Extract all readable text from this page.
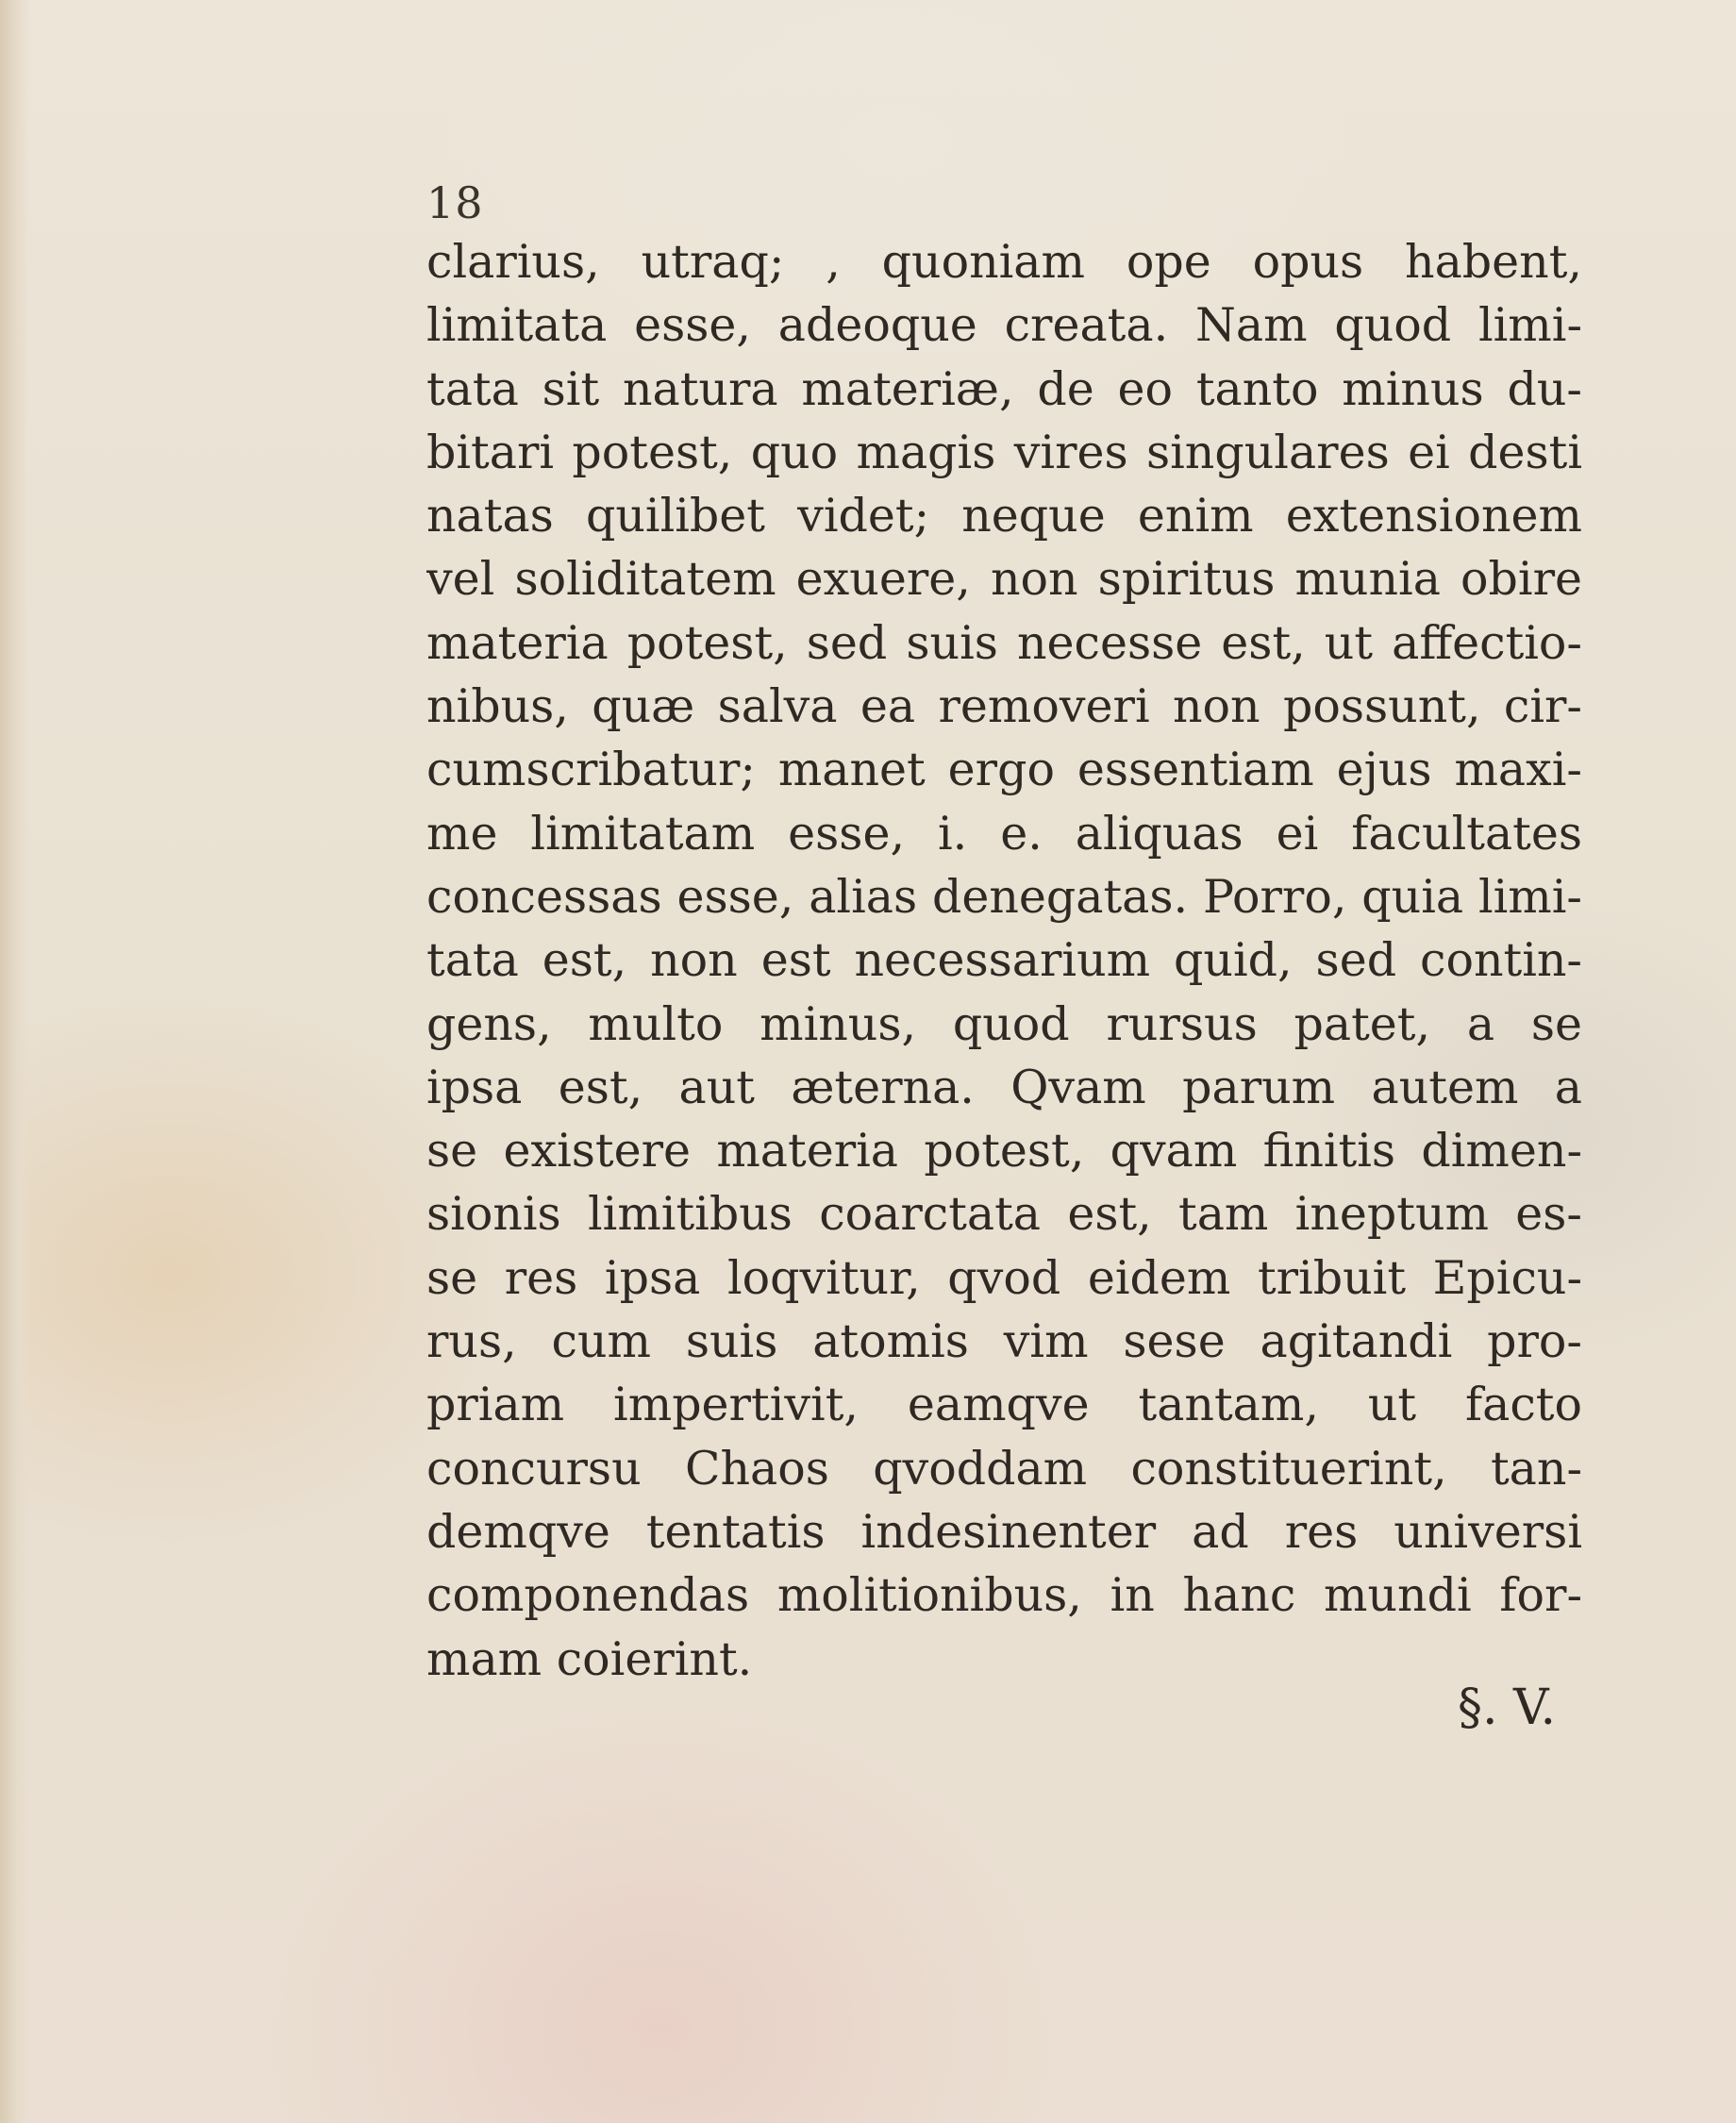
18
clarius, utraq; , quoniam ope opus habent,
limitata esse, adeoque creata. Nam quod limi-
tata sit natura materiæ, de eo tanto minus du-
bitari potest, quo magis vires singulares ei desti
natas quilibet videt; neque enim extensionem
vel soliditatem exuere, non spiritus munia obire
materia potest, sed suis necesse est, ut affectio-
nibus, quæ salva ea removeri non possunt, cir-
cumscribatur; manet ergo essentiam ejus maxi-
me limitatam esse, i. e. aliquas ei facultates
concessas esse, alias denegatas. Porro, quia limi-
tata est, non est necessarium quid, sed contin-
gens, multo minus, quod rursus patet, a se
ipsa est, aut æterna. Qvam parum autem a
se existere materia potest, qvam finitis dimen-
sionis limitibus coarctata est, tam ineptum es-
se res ipsa loqvitur, qvod eidem tribuit Epicu-
rus, cum suis atomis vim sese agitandi pro-
priam impertivit, eamqve tantam, ut facto
concursu Chaos qvoddam constituerint, tan-
demqve tentatis indesinenter ad res universi
componendas molitionibus, in hanc mundi for-
mam coierint.
§. V.
